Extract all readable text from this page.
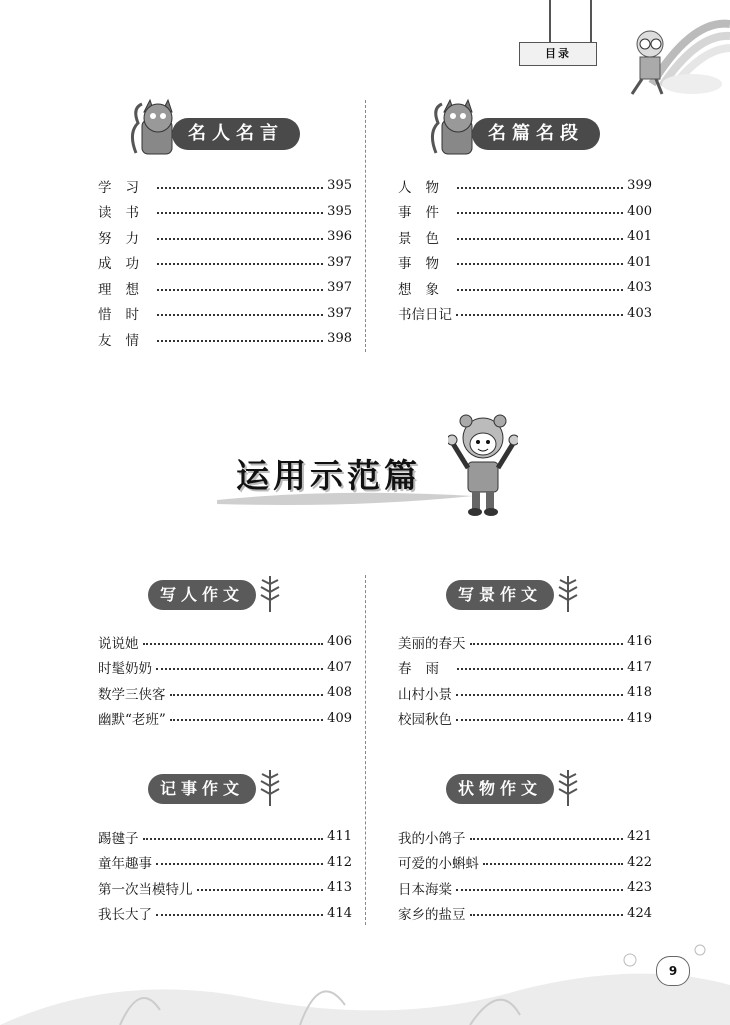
目录
名人名言
学习	395
读书	395
努力	396
成功	397
理想	397
惜时	397
友情	398
名篇名段
人物	399
事件	400
景色	401
事物	401
想象	403
书信日记	403
运用示范篇
写人作文
说说她	406
时髦奶奶	407
数学三侠客	408
幽默“老班”	409
写景作文
美丽的春天	416
春雨	417
山村小景	418
校园秋色	419
记事作文
踢毽子	411
童年趣事	412
第一次当模特儿	413
我长大了	414
状物作文
我的小鸽子	421
可爱的小蝌蚪	422
日本海棠	423
家乡的盐豆	424
9
